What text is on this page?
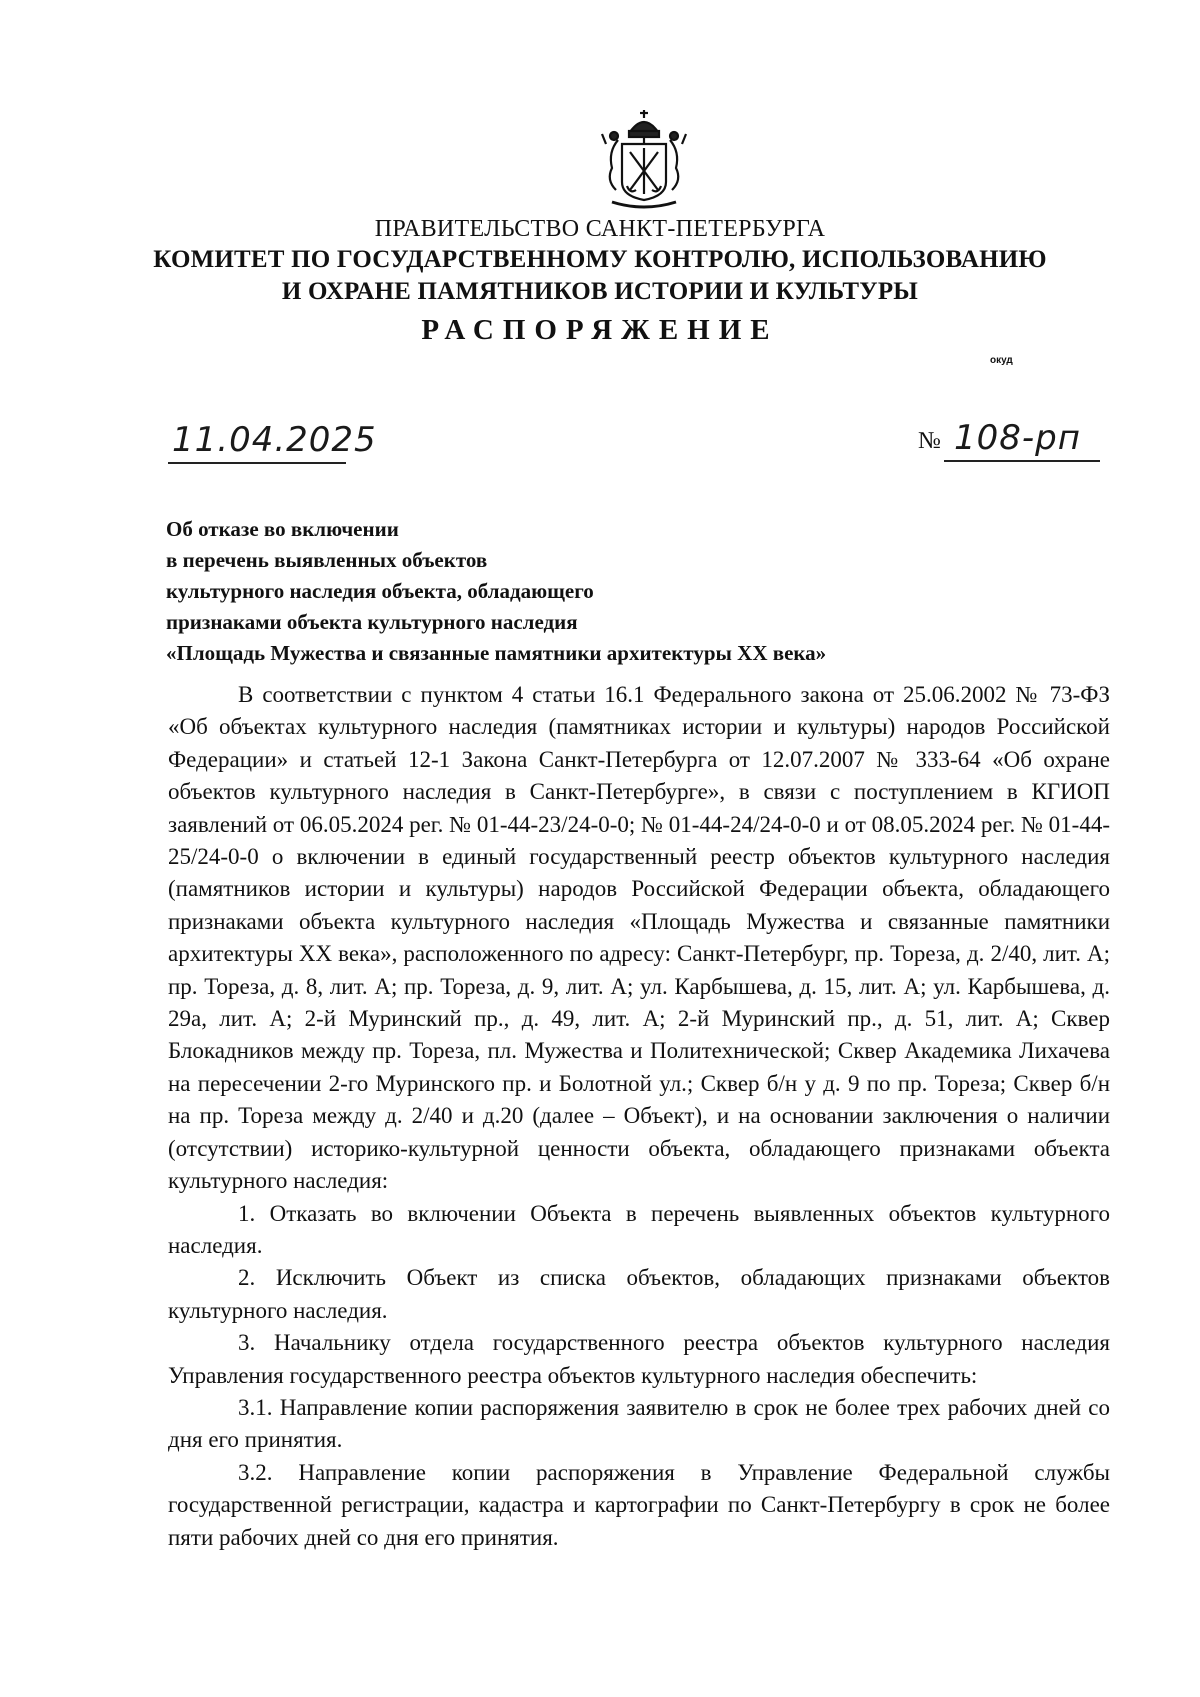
ПРАВИТЕЛЬСТВО САНКТ-ПЕТЕРБУРГА
КОМИТЕТ ПО ГОСУДАРСТВЕННОМУ КОНТРОЛЮ, ИСПОЛЬЗОВАНИЮ
И ОХРАНЕ ПАМЯТНИКОВ ИСТОРИИ И КУЛЬТУРЫ
РАСПОРЯЖЕНИЕ
окуд
11.04.2025	№ 108-рп
Об отказе во включении
в перечень выявленных объектов
культурного наследия объекта, обладающего
признаками объекта культурного наследия
«Площадь Мужества и связанные памятники архитектуры ХХ века»

В соответствии с пунктом 4 статьи 16.1 Федерального закона от 25.06.2002 № 73-ФЗ «Об объектах культурного наследия (памятниках истории и культуры) народов Российской Федерации» и статьей 12-1 Закона Санкт-Петербурга от 12.07.2007 № 333-64 «Об охране объектов культурного наследия в Санкт-Петербурге», в связи с поступлением в КГИОП заявлений от 06.05.2024 рег. № 01-44-23/24-0-0; № 01-44-24/24-0-0 и от 08.05.2024 рег. № 01-44-25/24-0-0 о включении в единый государственный реестр объектов культурного наследия (памятников истории и культуры) народов Российской Федерации объекта, обладающего признаками объекта культурного наследия «Площадь Мужества и связанные памятники архитектуры ХХ века», расположенного по адресу: Санкт-Петербург, пр. Тореза, д. 2/40, лит. А; пр. Тореза, д. 8, лит. А; пр. Тореза, д. 9, лит. А; ул. Карбышева, д. 15, лит. А; ул. Карбышева, д. 29а, лит. А; 2-й Муринский пр., д. 49, лит. А; 2-й Муринский пр., д. 51, лит. А; Сквер Блокадников между пр. Тореза, пл. Мужества и Политехнической; Сквер Академика Лихачева на пересечении 2-го Муринского пр. и Болотной ул.; Сквер б/н у д. 9 по пр. Тореза; Сквер б/н на пр. Тореза между д. 2/40 и д.20 (далее – Объект), и на основании заключения о наличии (отсутствии) историко-культурной ценности объекта, обладающего признаками объекта культурного наследия:

1. Отказать во включении Объекта в перечень выявленных объектов культурного наследия.

2. Исключить Объект из списка объектов, обладающих признаками объектов культурного наследия.

3. Начальнику отдела государственного реестра объектов культурного наследия Управления государственного реестра объектов культурного наследия обеспечить:

3.1. Направление копии распоряжения заявителю в срок не более трех рабочих дней со дня его принятия.

3.2. Направление копии распоряжения в Управление Федеральной службы государственной регистрации, кадастра и картографии по Санкт-Петербургу в срок не более пяти рабочих дней со дня его принятия.
